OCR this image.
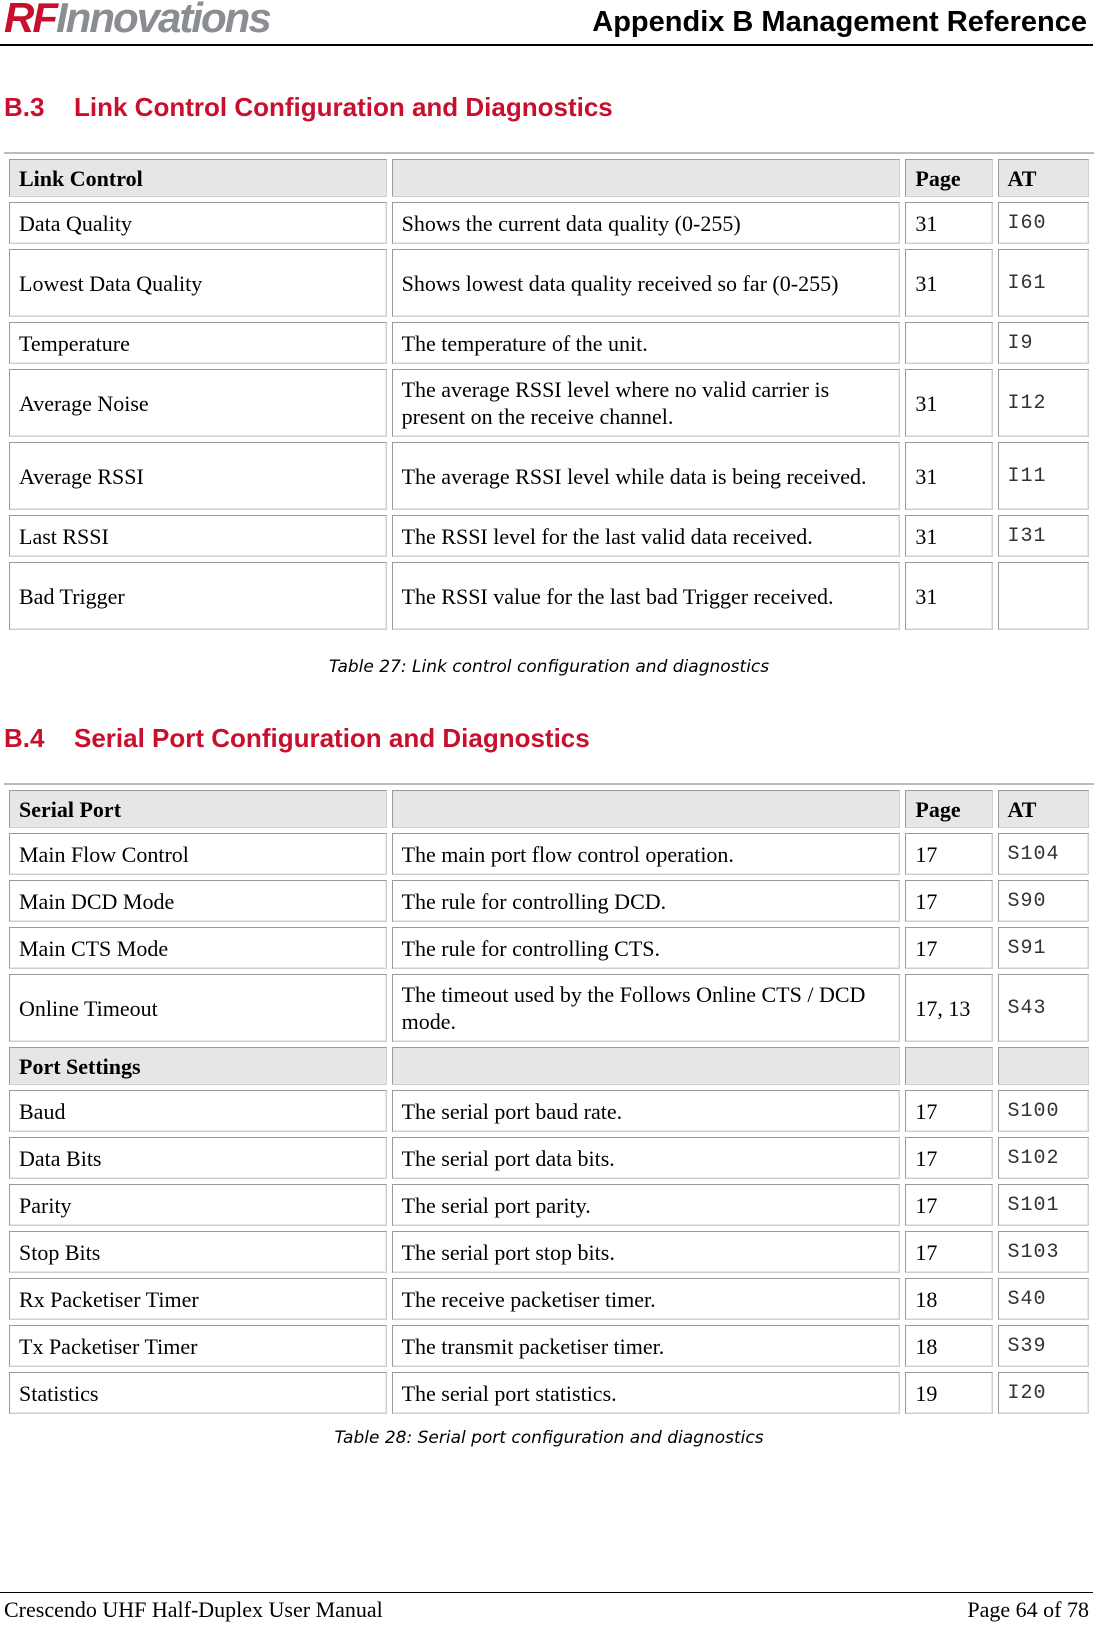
RFInnovations	Appendix B Management Reference
B.3 Link Control Configuration and Diagnostics
Link Control		Page	AT
Data Quality	Shows the current data quality (0-255)	31	I60
Lowest Data Quality	Shows lowest data quality received so far (0-255)	31	I61
Temperature	The temperature of the unit.		I9
Average Noise	The average RSSI level where no valid carrier is present on the receive channel.	31	I12
Average RSSI	The average RSSI level while data is being received.	31	I11
Last RSSI	The RSSI level for the last valid data received.	31	I31
Bad Trigger	The RSSI value for the last bad Trigger received.	31	
Table 27: Link control configuration and diagnostics
B.4 Serial Port Configuration and Diagnostics
Serial Port		Page	AT
Main Flow Control	The main port flow control operation.	17	S104
Main DCD Mode	The rule for controlling DCD.	17	S90
Main CTS Mode	The rule for controlling CTS.	17	S91
Online Timeout	The timeout used by the Follows Online CTS / DCD mode.	17, 13	S43
Port Settings			
Baud	The serial port baud rate.	17	S100
Data Bits	The serial port data bits.	17	S102
Parity	The serial port parity.	17	S101
Stop Bits	The serial port stop bits.	17	S103
Rx Packetiser Timer	The receive packetiser timer.	18	S40
Tx Packetiser Timer	The transmit packetiser timer.	18	S39
Statistics	The serial port statistics.	19	I20
Table 28: Serial port configuration and diagnostics
Crescendo UHF Half-Duplex User Manual	Page 64 of 78
